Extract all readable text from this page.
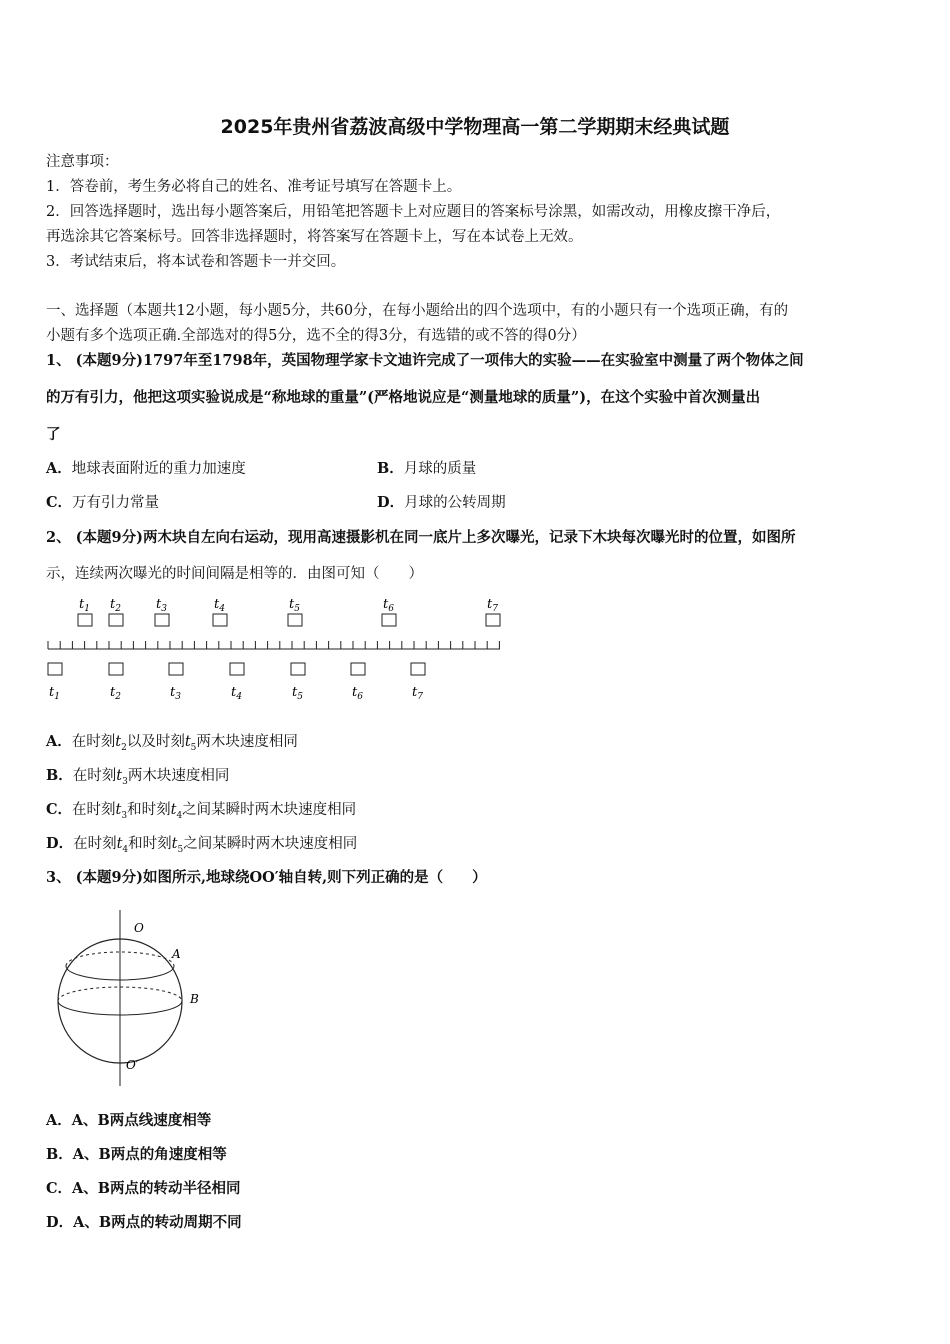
2025年贵州省荔波高级中学物理高一第二学期期末经典试题
注意事项：
1．答卷前，考生务必将自己的姓名、准考证号填写在答题卡上。
2．回答选择题时，选出每小题答案后，用铅笔把答题卡上对应题目的答案标号涂黑，如需改动，用橡皮擦干净后，
再选涂其它答案标号。回答非选择题时，将答案写在答题卡上，写在本试卷上无效。
3．考试结束后，将本试卷和答题卡一并交回。
一、选择题（本题共12小题，每小题5分，共60分，在每小题给出的四个选项中，有的小题只有一个选项正确，有的
小题有多个选项正确.全部选对的得5分，选不全的得3分，有选错的或不答的得0分）
1、 (本题9分)1797年至1798年，英国物理学家卡文迪许完成了一项伟大的实验——在实验室中测量了两个物体之间
的万有引力，他把这项实验说成是“称地球的重量”(严格地说应是“测量地球的质量”)，在这个实验中首次测量出
了
A．地球表面附近的重力加速度	B．月球的质量
C．万有引力常量	D．月球的公转周期
2、 (本题9分)两木块自左向右运动，现用高速摄影机在同一底片上多次曝光，记录下木块每次曝光时的位置，如图所
示，连续两次曝光的时间间隔是相等的．由图可知（　　）
$t_1$ $t_2$	$t_3$	$t_4$	$t_5$	$t_6$	$t_7$
$t_1$	$t_2$	$t_3$	$t_4$	$t_5$	$t_6$	$t_7$
A．在时刻$t_2$以及时刻$t_5$两木块速度相同
B．在时刻$t_3$两木块速度相同
C．在时刻$t_3$和时刻$t_4$之间某瞬时两木块速度相同
D．在时刻$t_4$和时刻$t_5$之间某瞬时两木块速度相同
3、 (本题9分)如图所示,地球绕OO′轴自转,则下列正确的是（　　）
O
A
B
O′
A．A、B两点线速度相等
B．A、B两点的角速度相等
C．A、B两点的转动半径相同
D．A、B两点的转动周期不同
